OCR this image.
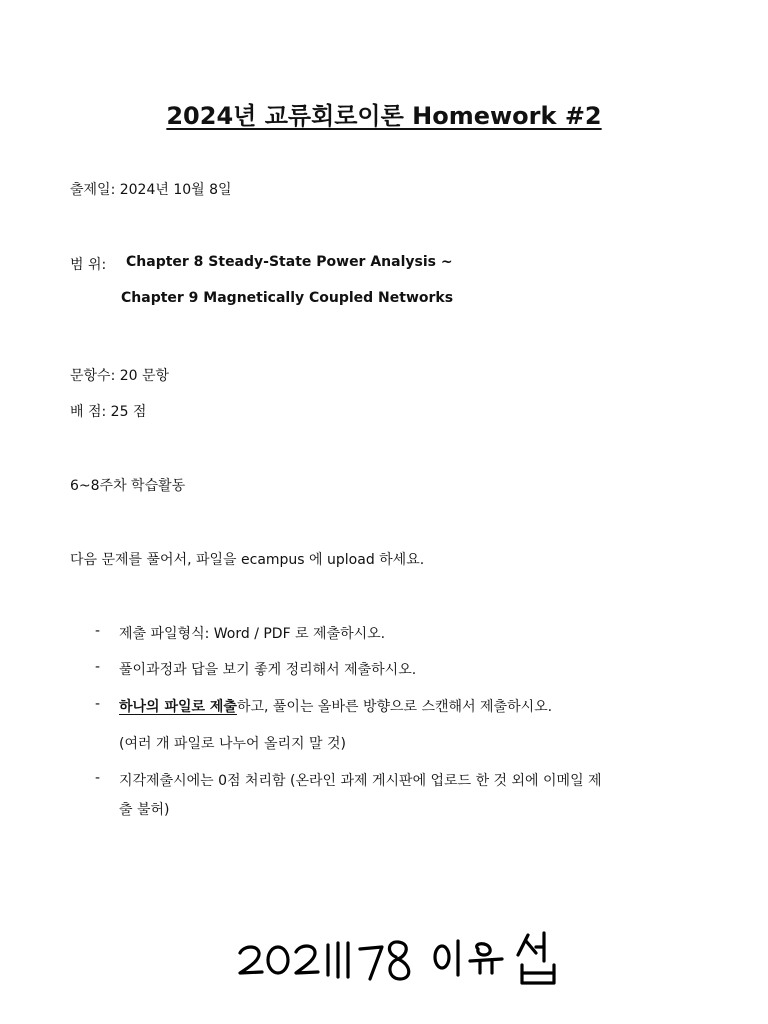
2024년 교류회로이론 Homework #2
출제일: 2024년 10월 8일
범 위: Chapter 8 Steady-State Power Analysis ~
Chapter 9 Magnetically Coupled Networks
문항수: 20 문항
배 점: 25 점
6~8주차 학습활동
다음 문제를 풀어서, 파일을 ecampus 에 upload 하세요.
- 제출 파일형식: Word / PDF 로 제출하시오.
- 풀이과정과 답을 보기 좋게 정리해서 제출하시오.
- 하나의 파일로 제출하고, 풀이는 올바른 방향으로 스캔해서 제출하시오.
(여러 개 파일로 나누어 올리지 말 것)
- 지각제출시에는 0점 처리함 (온라인 과제 게시판에 업로드 한 것 외에 이메일 제
출 불허)
